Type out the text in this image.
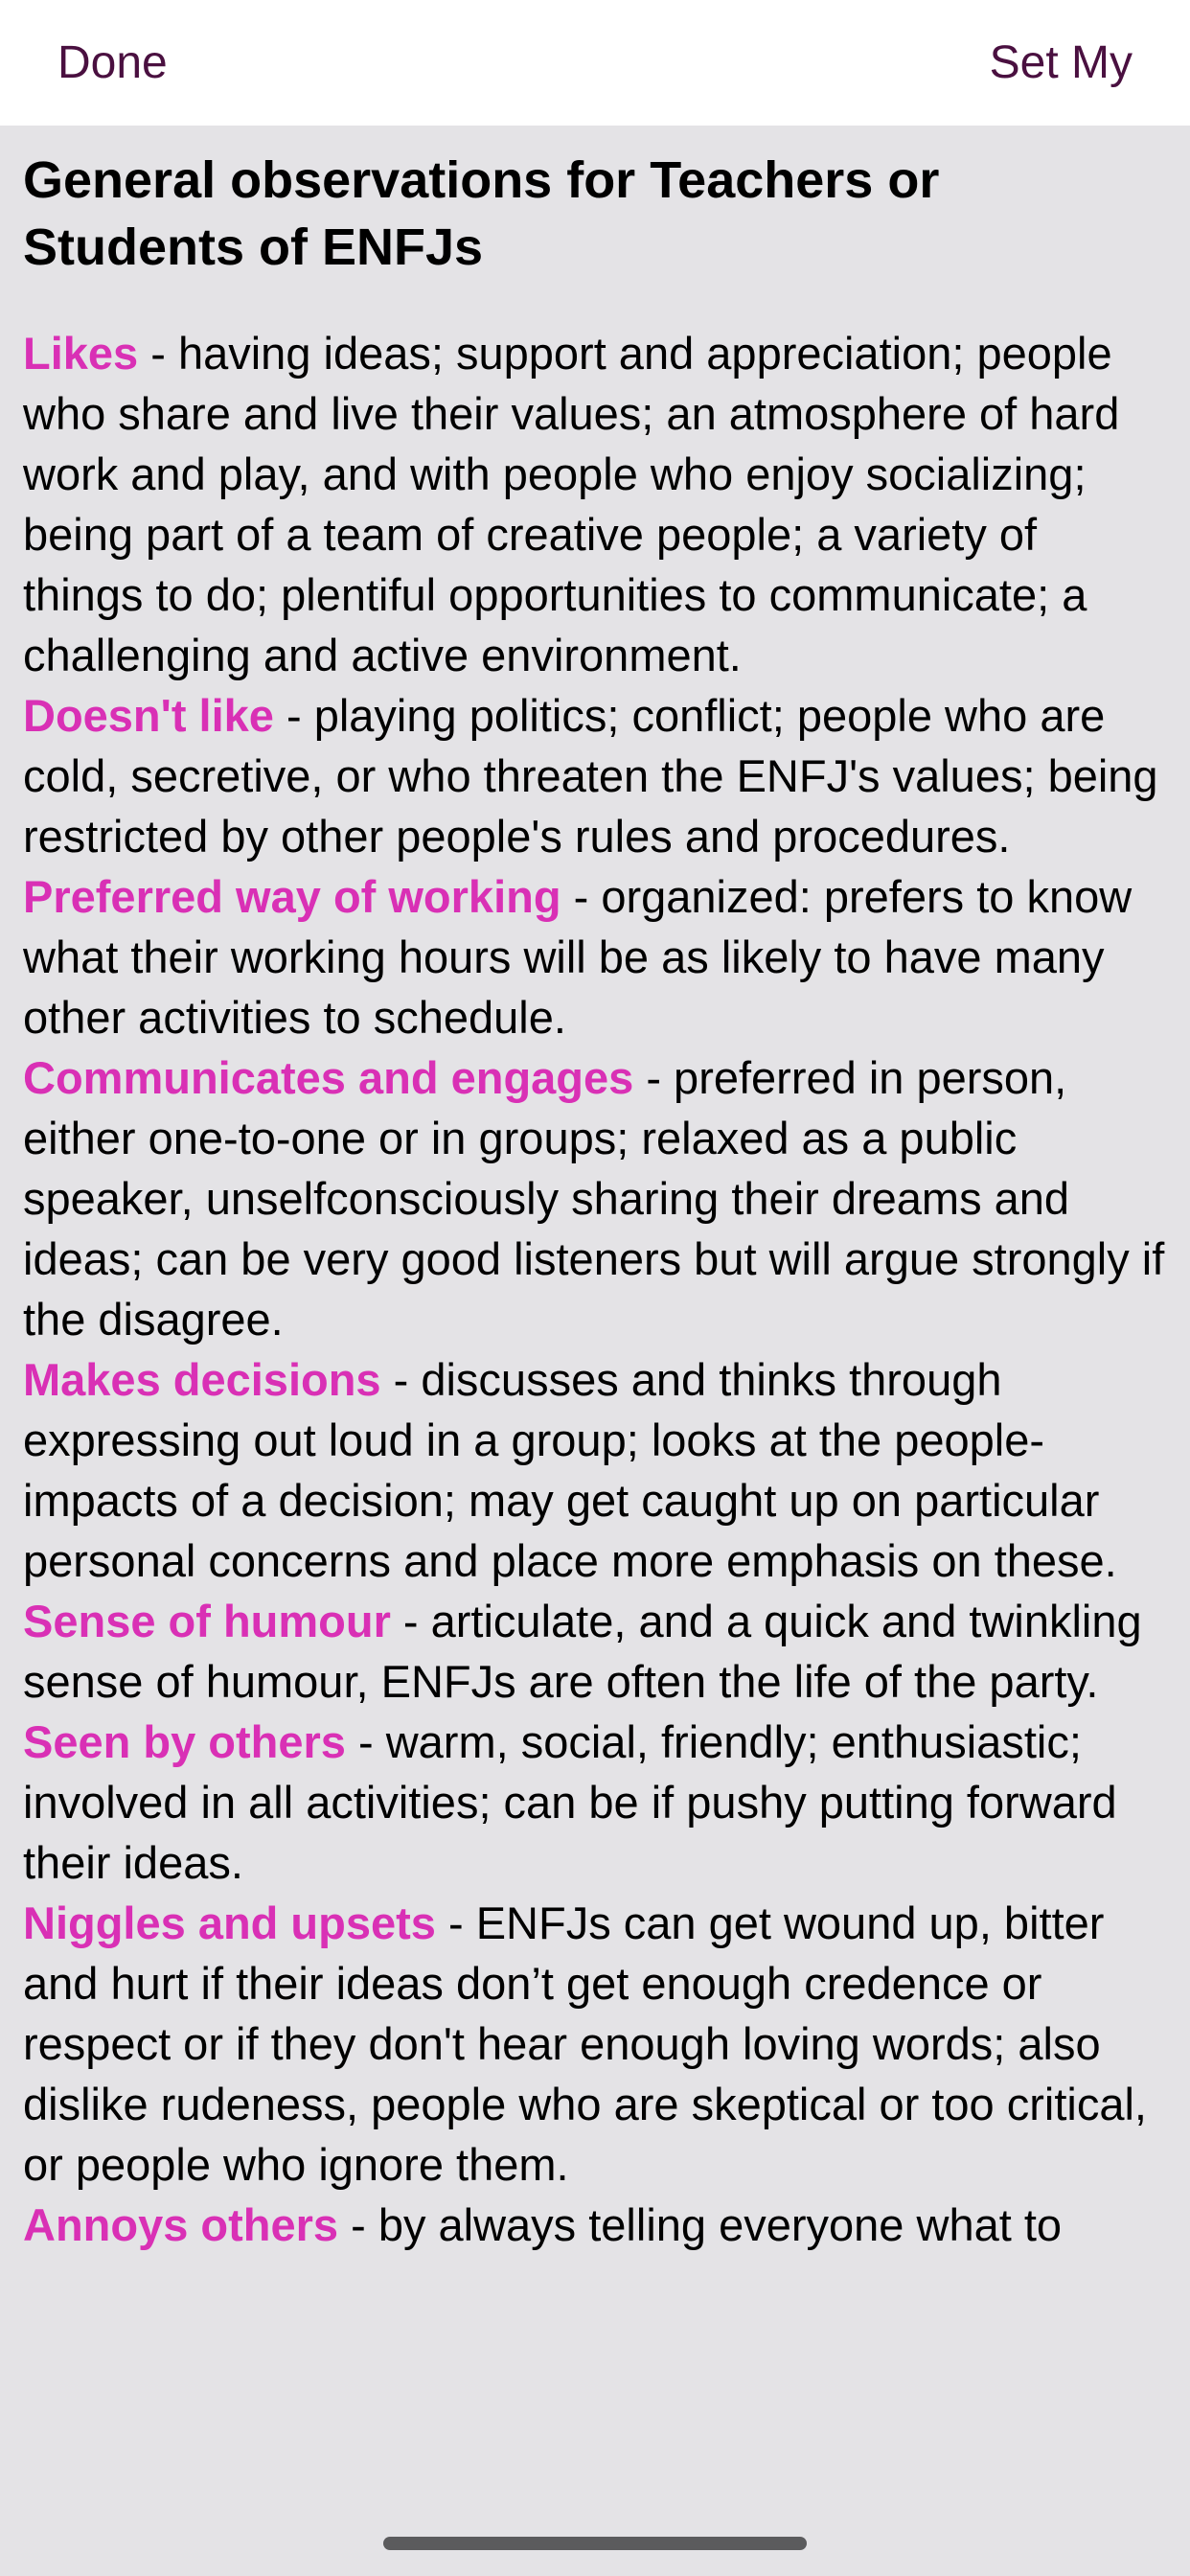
Done	Set My
General observations for Teachers or Students of ENFJs

Likes - having ideas; support and appreciation; people who share and live their values; an atmosphere of hard work and play, and with people who enjoy socializing; being part of a team of creative people; a variety of things to do; plentiful opportunities to communicate; a challenging and active environment.

Doesn't like - playing politics; conflict; people who are cold, secretive, or who threaten the ENFJ's values; being restricted by other people's rules and procedures.

Preferred way of working - organized: prefers to know what their working hours will be as likely to have many other activities to schedule.

Communicates and engages - preferred in person, either one-to-one or in groups; relaxed as a public speaker, unselfconsciously sharing their dreams and ideas; can be very good listeners but will argue strongly if the disagree.

Makes decisions - discusses and thinks through expressing out loud in a group; looks at the people-impacts of a decision; may get caught up on particular personal concerns and place more emphasis on these.

Sense of humour - articulate, and a quick and twinkling sense of humour, ENFJs are often the life of the party.

Seen by others - warm, social, friendly; enthusiastic; involved in all activities; can be if pushy putting forward their ideas.

Niggles and upsets - ENFJs can get wound up, bitter and hurt if their ideas don’t get enough credence or respect or if they don't hear enough loving words; also dislike rudeness, people who are skeptical or too critical, or people who ignore them.

Annoys others - by always telling everyone what to
